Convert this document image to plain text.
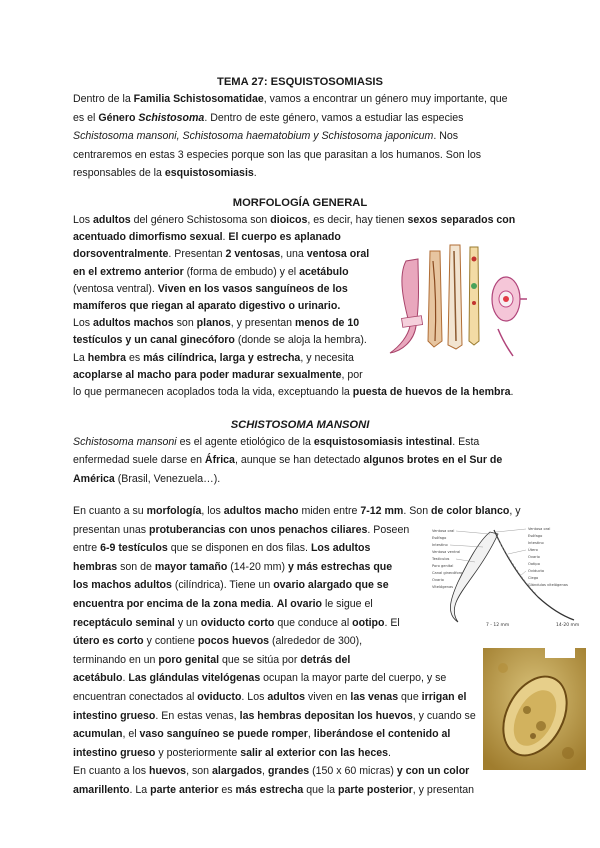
TEMA 27: ESQUISTOSOMIASIS
Dentro de la Familia Schistosomatidae, vamos a encontrar un género muy importante, que
es el Género Schistosoma. Dentro de este género, vamos a estudiar las especies
Schistosoma mansoni, Schistosoma haematobium y Schistosoma japonicum. Nos
centraremos en estas 3 especies porque son las que parasitan a los humanos. Son los
responsables de la esquistosomiasis.
MORFOLOGÍA GENERAL
Los adultos del género Schistosoma son dioicos, es decir, hay tienen sexos separados con
acentuado dimorfismo sexual. El cuerpo es aplanado
dorsoventralmente. Presentan 2 ventosas, una ventosa oral
en el extremo anterior (forma de embudo) y el acetábulo
(ventosa ventral). Viven en los vasos sanguíneos de los
mamíferos que riegan al aparato digestivo o urinario.
Los adultos machos son planos, y presentan menos de 10
testículos y un canal ginecóforo (donde se aloja la hembra).
La hembra es más cilíndrica, larga y estrecha, y necesita
acoplarse al macho para poder madurar sexualmente, por
lo que permanecen acoplados toda la vida, exceptuando la puesta de huevos de la hembra.
SCHISTOSOMA MANSONI
Schistosoma mansoni es el agente etiológico de la esquistosomiasis intestinal. Esta
enfermedad suele darse en África, aunque se han detectado algunos brotes en el Sur de
América (Brasil, Venezuela…).
En cuanto a su morfología, los adultos macho miden entre 7-12 mm. Son de color blanco, y
presentan unas protuberancias con unos penachos ciliares. Poseen
entre 6-9 testículos que se disponen en dos filas. Los adultos
hembras son de mayor tamaño (14-20 mm) y más estrechas que
los machos adultos (cilíndrica). Tiene un ovario alargado que se
encuentra por encima de la zona media. Al ovario le sigue el
receptáculo seminal y un oviducto corto que conduce al ootipo. El
útero es corto y contiene pocos huevos (alrededor de 300),
terminando en un poro genital que se sitúa por detrás del
acetábulo. Las glándulas vitelógenas ocupan la mayor parte del cuerpo, y se
encuentran conectados al oviducto. Los adultos viven en las venas que irrigan el
intestino grueso. En estas venas, las hembras depositan los huevos, y cuando se
acumulan, el vaso sanguíneo se puede romper, liberándose el contenido al
intestino grueso y posteriormente salir al exterior con las heces.
En cuanto a los huevos, son alargados, grandes (150 x 60 micras) y con un color
amarillento. La parte anterior es más estrecha que la parte posterior, y presentan
Ventosa oral
Esófago
Intestino
Ventosa ventral
Testículos
Poro genital
Canal ginecóforo
Ovario
Vitelógenas
Ventosa oral
Esófago
Intestino
Útero
Ovario
Ootipo
Oviducto
Ciego
Glándulas vitelógenas
7 - 12 mm	14-20 mm
